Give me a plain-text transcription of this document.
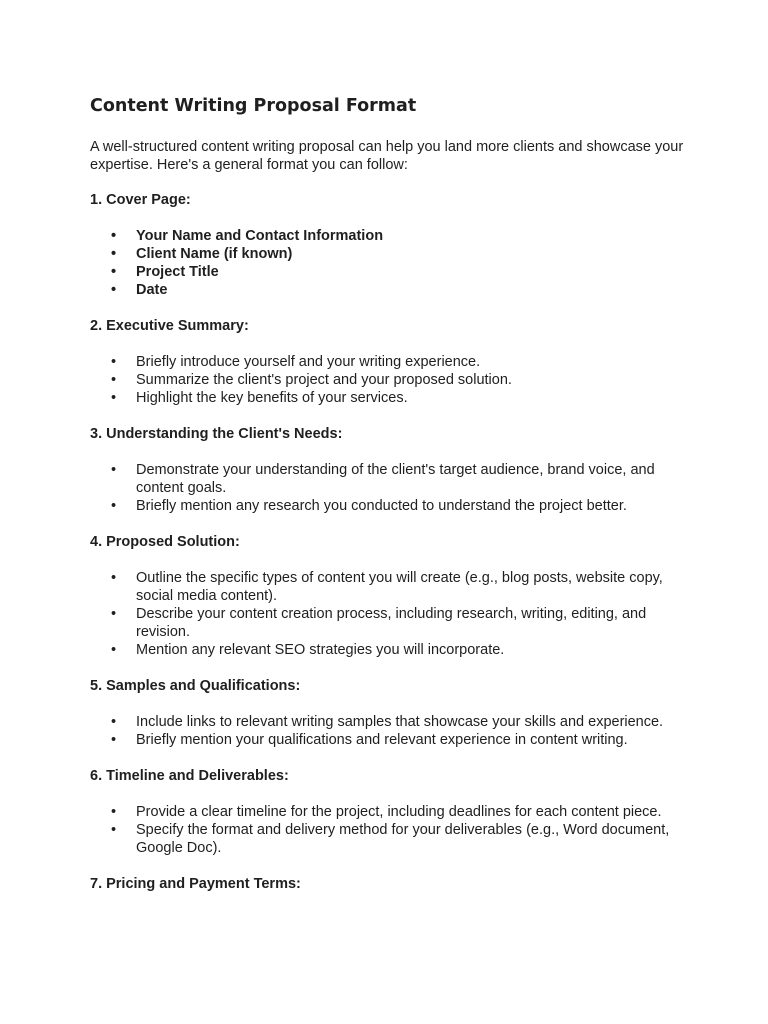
Content Writing Proposal Format

A well-structured content writing proposal can help you land more clients and showcase your expertise. Here's a general format you can follow:

1. Cover Page:
• Your Name and Contact Information
• Client Name (if known)
• Project Title
• Date
2. Executive Summary:
• Briefly introduce yourself and your writing experience.
• Summarize the client's project and your proposed solution.
• Highlight the key benefits of your services.
3. Understanding the Client's Needs:
• Demonstrate your understanding of the client's target audience, brand voice, and content goals.
• Briefly mention any research you conducted to understand the project better.
4. Proposed Solution:
• Outline the specific types of content you will create (e.g., blog posts, website copy, social media content).
• Describe your content creation process, including research, writing, editing, and revision.
• Mention any relevant SEO strategies you will incorporate.
5. Samples and Qualifications:
• Include links to relevant writing samples that showcase your skills and experience.
• Briefly mention your qualifications and relevant experience in content writing.
6. Timeline and Deliverables:
• Provide a clear timeline for the project, including deadlines for each content piece.
• Specify the format and delivery method for your deliverables (e.g., Word document, Google Doc).
7. Pricing and Payment Terms:
